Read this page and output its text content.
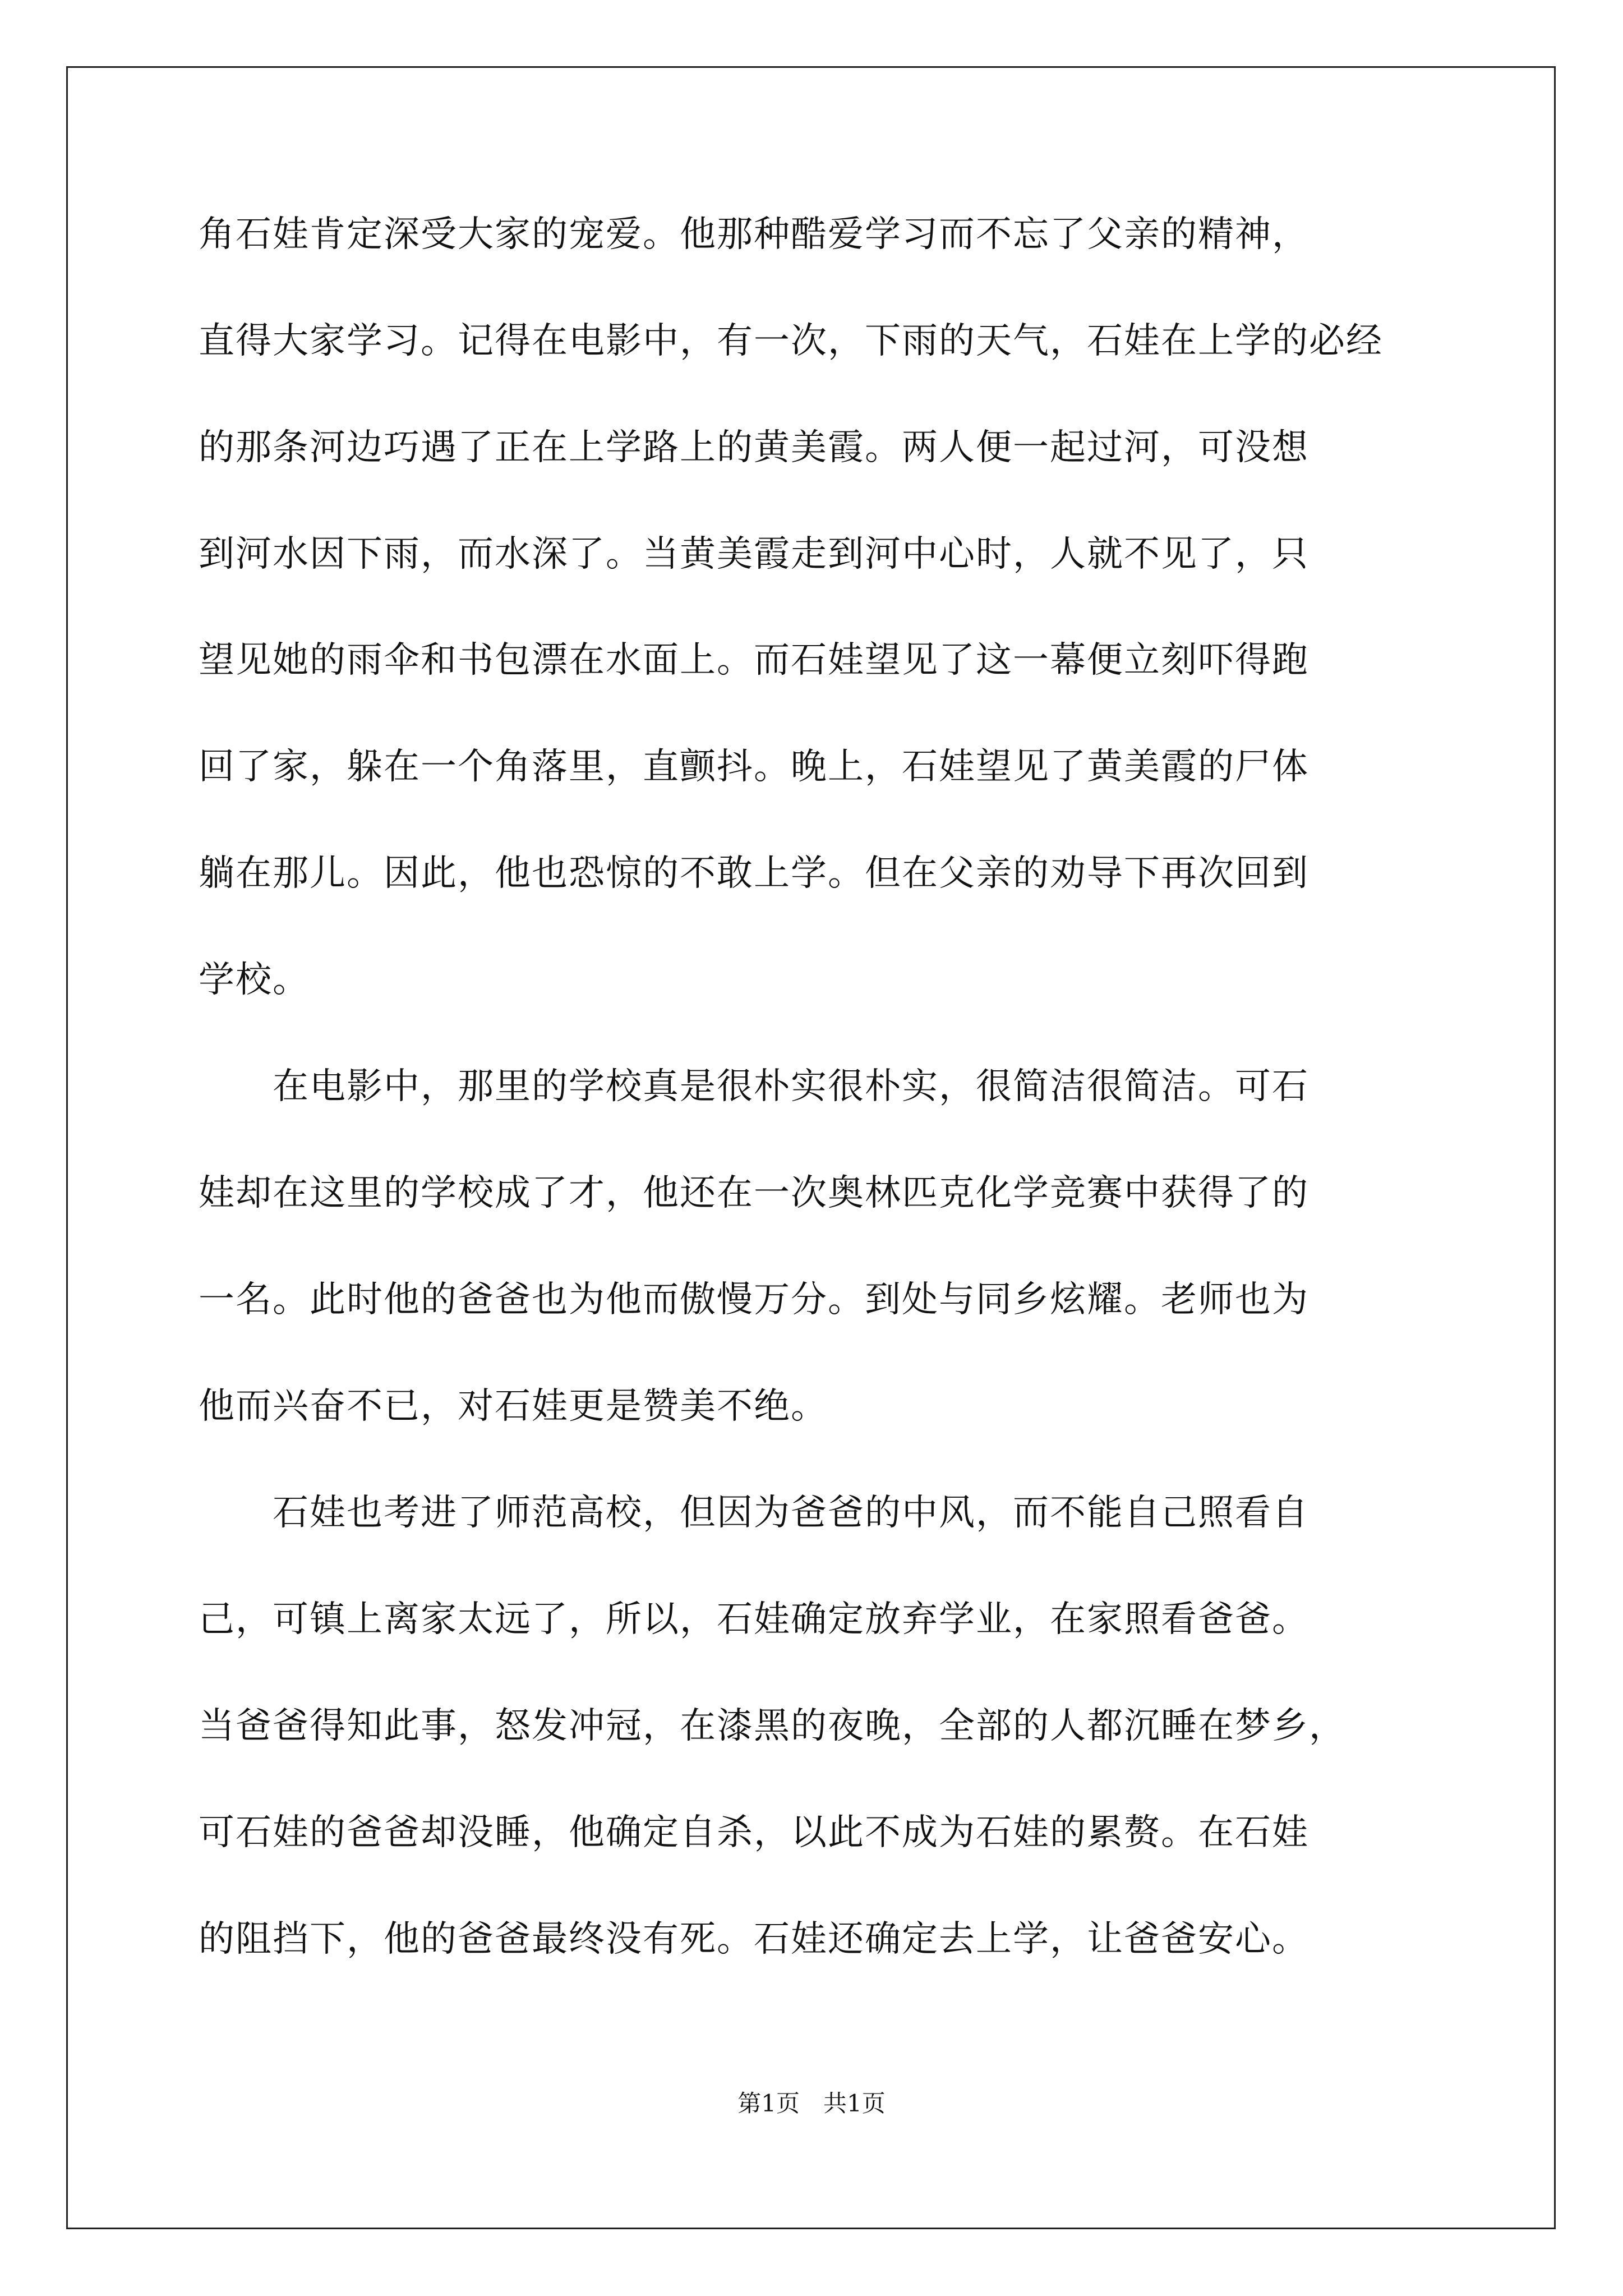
角石娃肯定深受大家的宠爱。他那种酷爱学习而不忘了父亲的精神，
直得大家学习。记得在电影中，有一次，下雨的天气，石娃在上学的必经
的那条河边巧遇了正在上学路上的黄美霞。两人便一起过河，可没想
到河水因下雨，而水深了。当黄美霞走到河中心时，人就不见了，只
望见她的雨伞和书包漂在水面上。而石娃望见了这一幕便立刻吓得跑
回了家，躲在一个角落里，直颤抖。晚上，石娃望见了黄美霞的尸体
躺在那儿。因此，他也恐惊的不敢上学。但在父亲的劝导下再次回到
学校。
　　在电影中，那里的学校真是很朴实很朴实，很简洁很简洁。可石
娃却在这里的学校成了才，他还在一次奥林匹克化学竞赛中获得了的
一名。此时他的爸爸也为他而傲慢万分。到处与同乡炫耀。老师也为
他而兴奋不已，对石娃更是赞美不绝。
　　石娃也考进了师范高校，但因为爸爸的中风，而不能自己照看自
己，可镇上离家太远了，所以，石娃确定放弃学业，在家照看爸爸。
当爸爸得知此事，怒发冲冠，在漆黑的夜晚，全部的人都沉睡在梦乡，
可石娃的爸爸却没睡，他确定自杀，以此不成为石娃的累赘。在石娃
的阻挡下，他的爸爸最终没有死。石娃还确定去上学，让爸爸安心。
第1页　共1页
